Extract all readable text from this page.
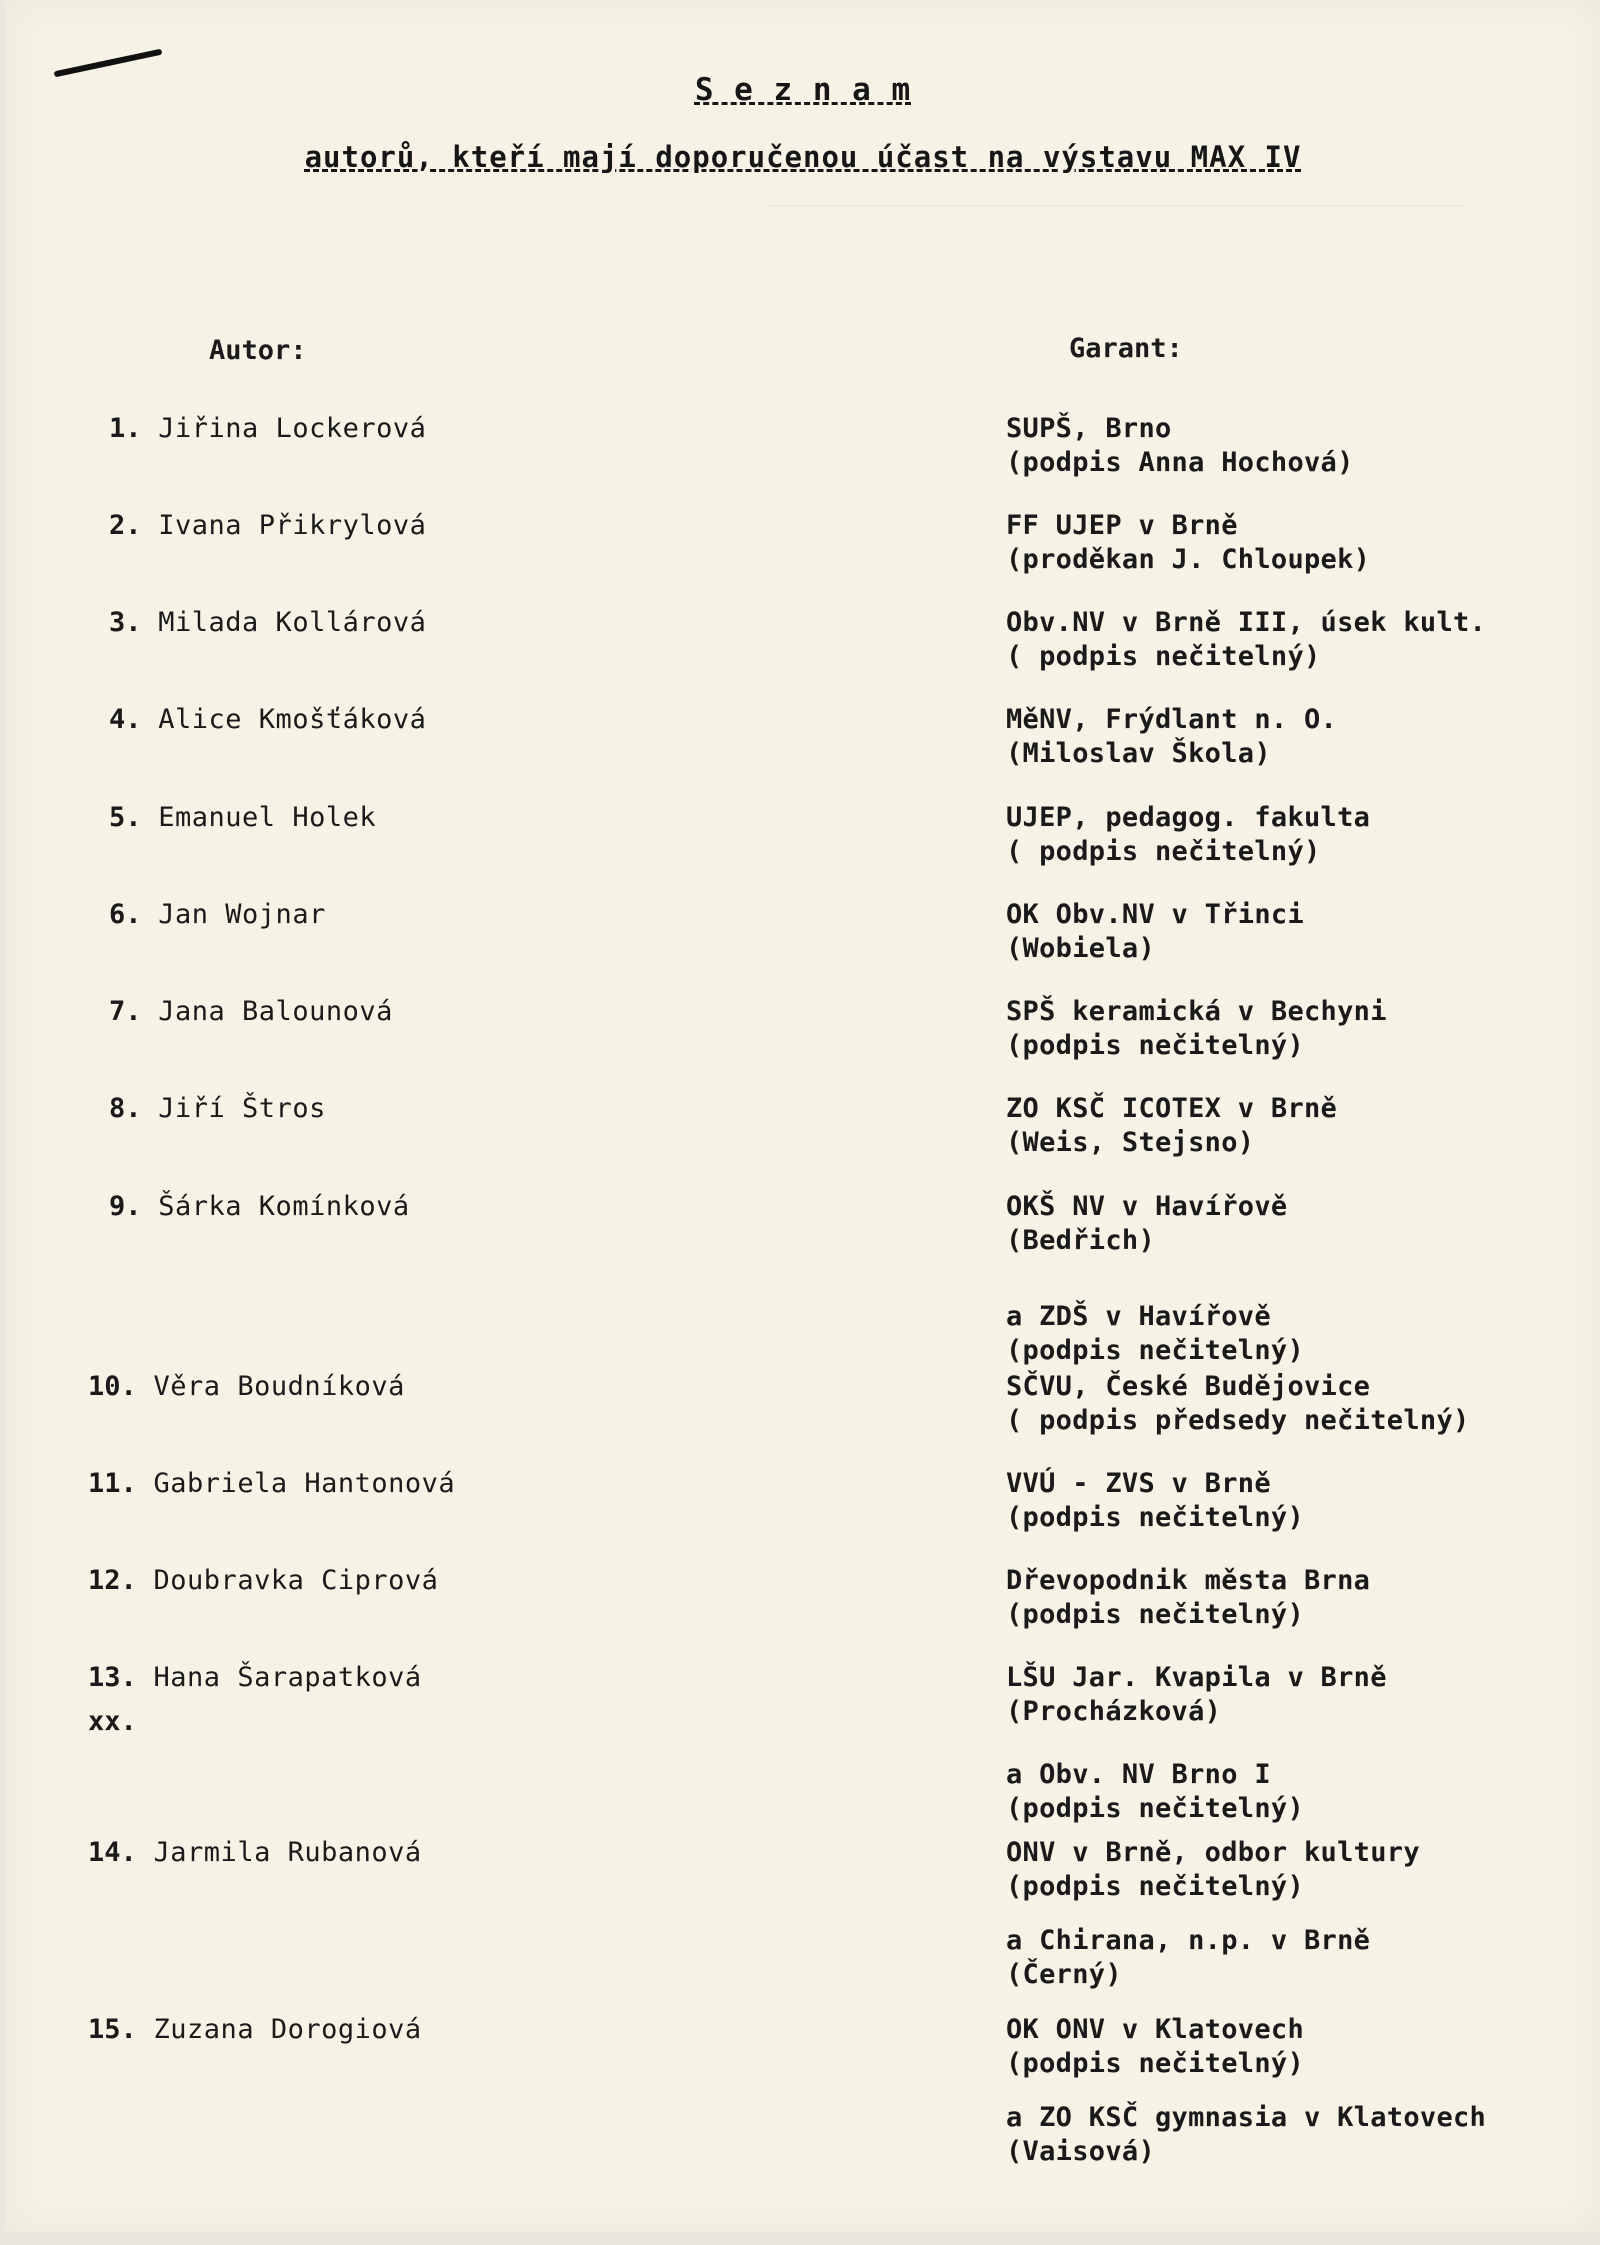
S e z n a m
autorů, kteří mají doporučenou účast na výstavu MAX IV
Autor:	Garant:
1. Jiřina Lockerová	SUPŠ, Brno
(podpis Anna Hochová)
2. Ivana Přikrylová	FF UJEP v Brně
(proděkan J. Chloupek)
3. Milada Kollárová	Obv.NV v Brně III, úsek kult.
( podpis nečitelný)
4. Alice Kmošťáková	MěNV, Frýdlant n. O.
(Miloslav Škola)
5. Emanuel Holek	UJEP, pedagog. fakulta
( podpis nečitelný)
6. Jan Wojnar	OK Obv.NV v Třinci
(Wobiela)
7. Jana Balounová	SPŠ keramická v Bechyni
(podpis nečitelný)
8. Jiří Štros	ZO KSČ ICOTEX v Brně
(Weis, Stejsno)
9. Šárka Komínková	OKŠ NV v Havířově
(Bedřich)
a ZDŠ v Havířově
(podpis nečitelný)
10. Věra Boudníková	SČVU, České Budějovice
( podpis předsedy nečitelný)
11. Gabriela Hantonová	VVÚ - ZVS v Brně
(podpis nečitelný)
12. Doubravka Ciprová	Dřevopodnik města Brna
(podpis nečitelný)
13. Hana Šarapatková	LŠU Jar. Kvapila v Brně
(Procházková)
xx.
a Obv. NV Brno I
(podpis nečitelný)
14. Jarmila Rubanová	ONV v Brně, odbor kultury
(podpis nečitelný)
a Chirana, n.p. v Brně
(Černý)
15. Zuzana Dorogiová	OK ONV v Klatovech
(podpis nečitelný)
a ZO KSČ gymnasia v Klatovech
(Vaisová)
